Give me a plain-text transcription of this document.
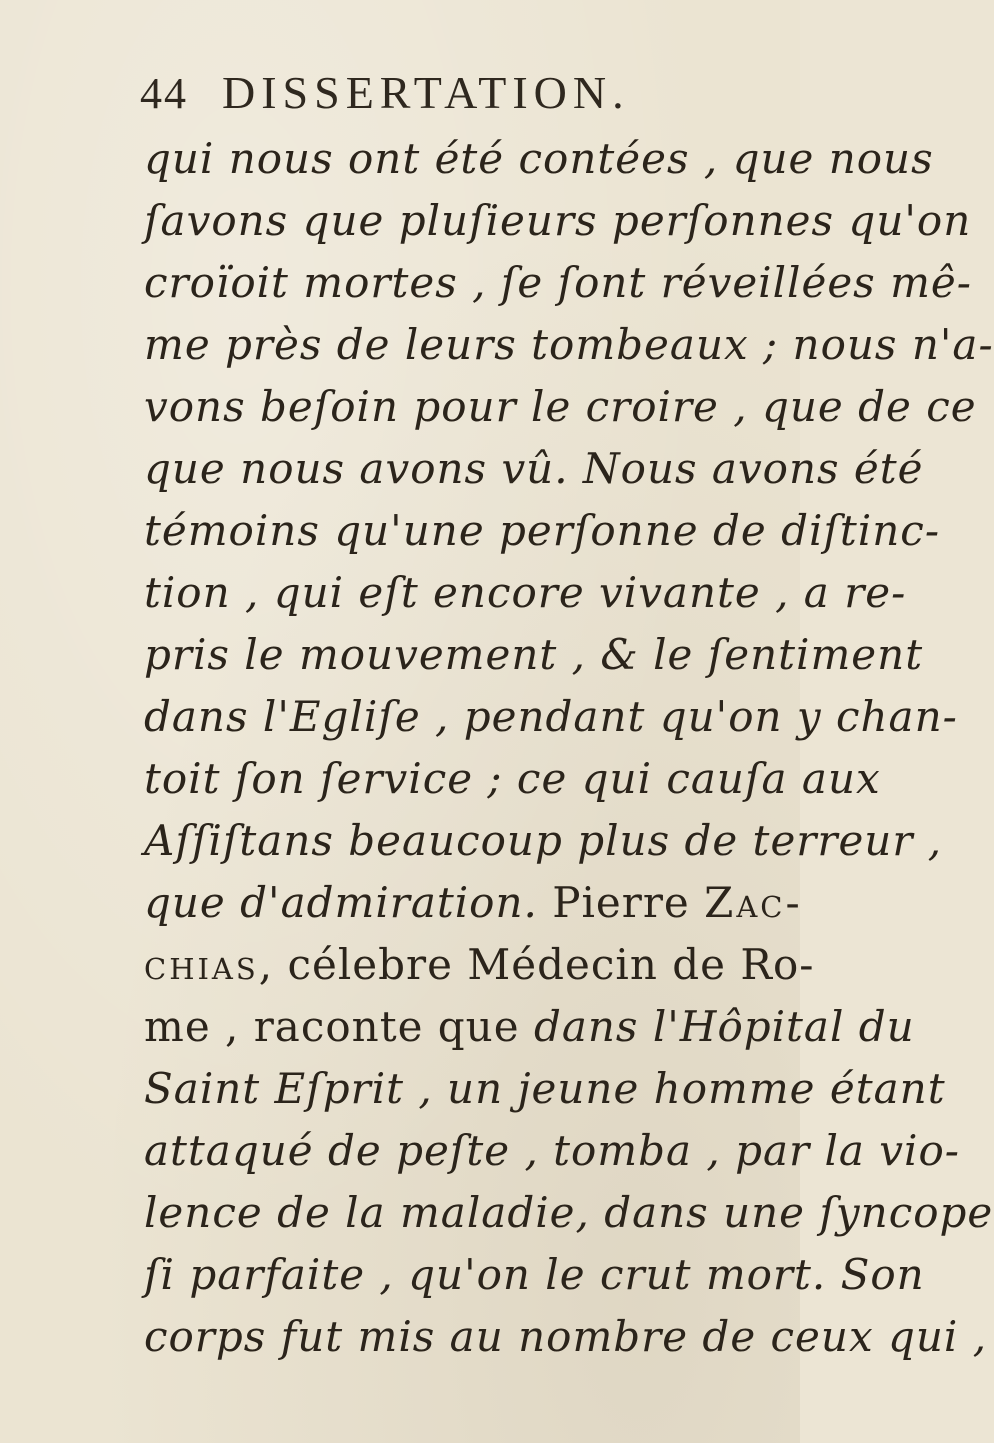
44 DISSERTATION.
qui nous ont été contées , que nous
ſavons que pluſieurs perſonnes qu'on
croïoit mortes , ſe ſont réveillées mê-
me près de leurs tombeaux ; nous n'a-
vons beſoin pour le croire , que de ce
que nous avons vû. Nous avons été
témoins qu'une perſonne de diſtinc-
tion , qui eſt encore vivante , a re-
pris le mouvement , & le ſentiment
dans l'Egliſe , pendant qu'on y chan-
toit ſon ſervice ; ce qui cauſa aux
Aſſiſtans beaucoup plus de terreur ,
que d'admiration. Pierre Zac-
chias, célebre Médecin de Ro-
me , raconte que dans l'Hôpital du
Saint Eſprit , un jeune homme étant
attaqué de peſte , tomba , par la vio-
lence de la maladie, dans une ſyncope
ſi parfaite , qu'on le crut mort. Son
corps fut mis au nombre de ceux qui ,
